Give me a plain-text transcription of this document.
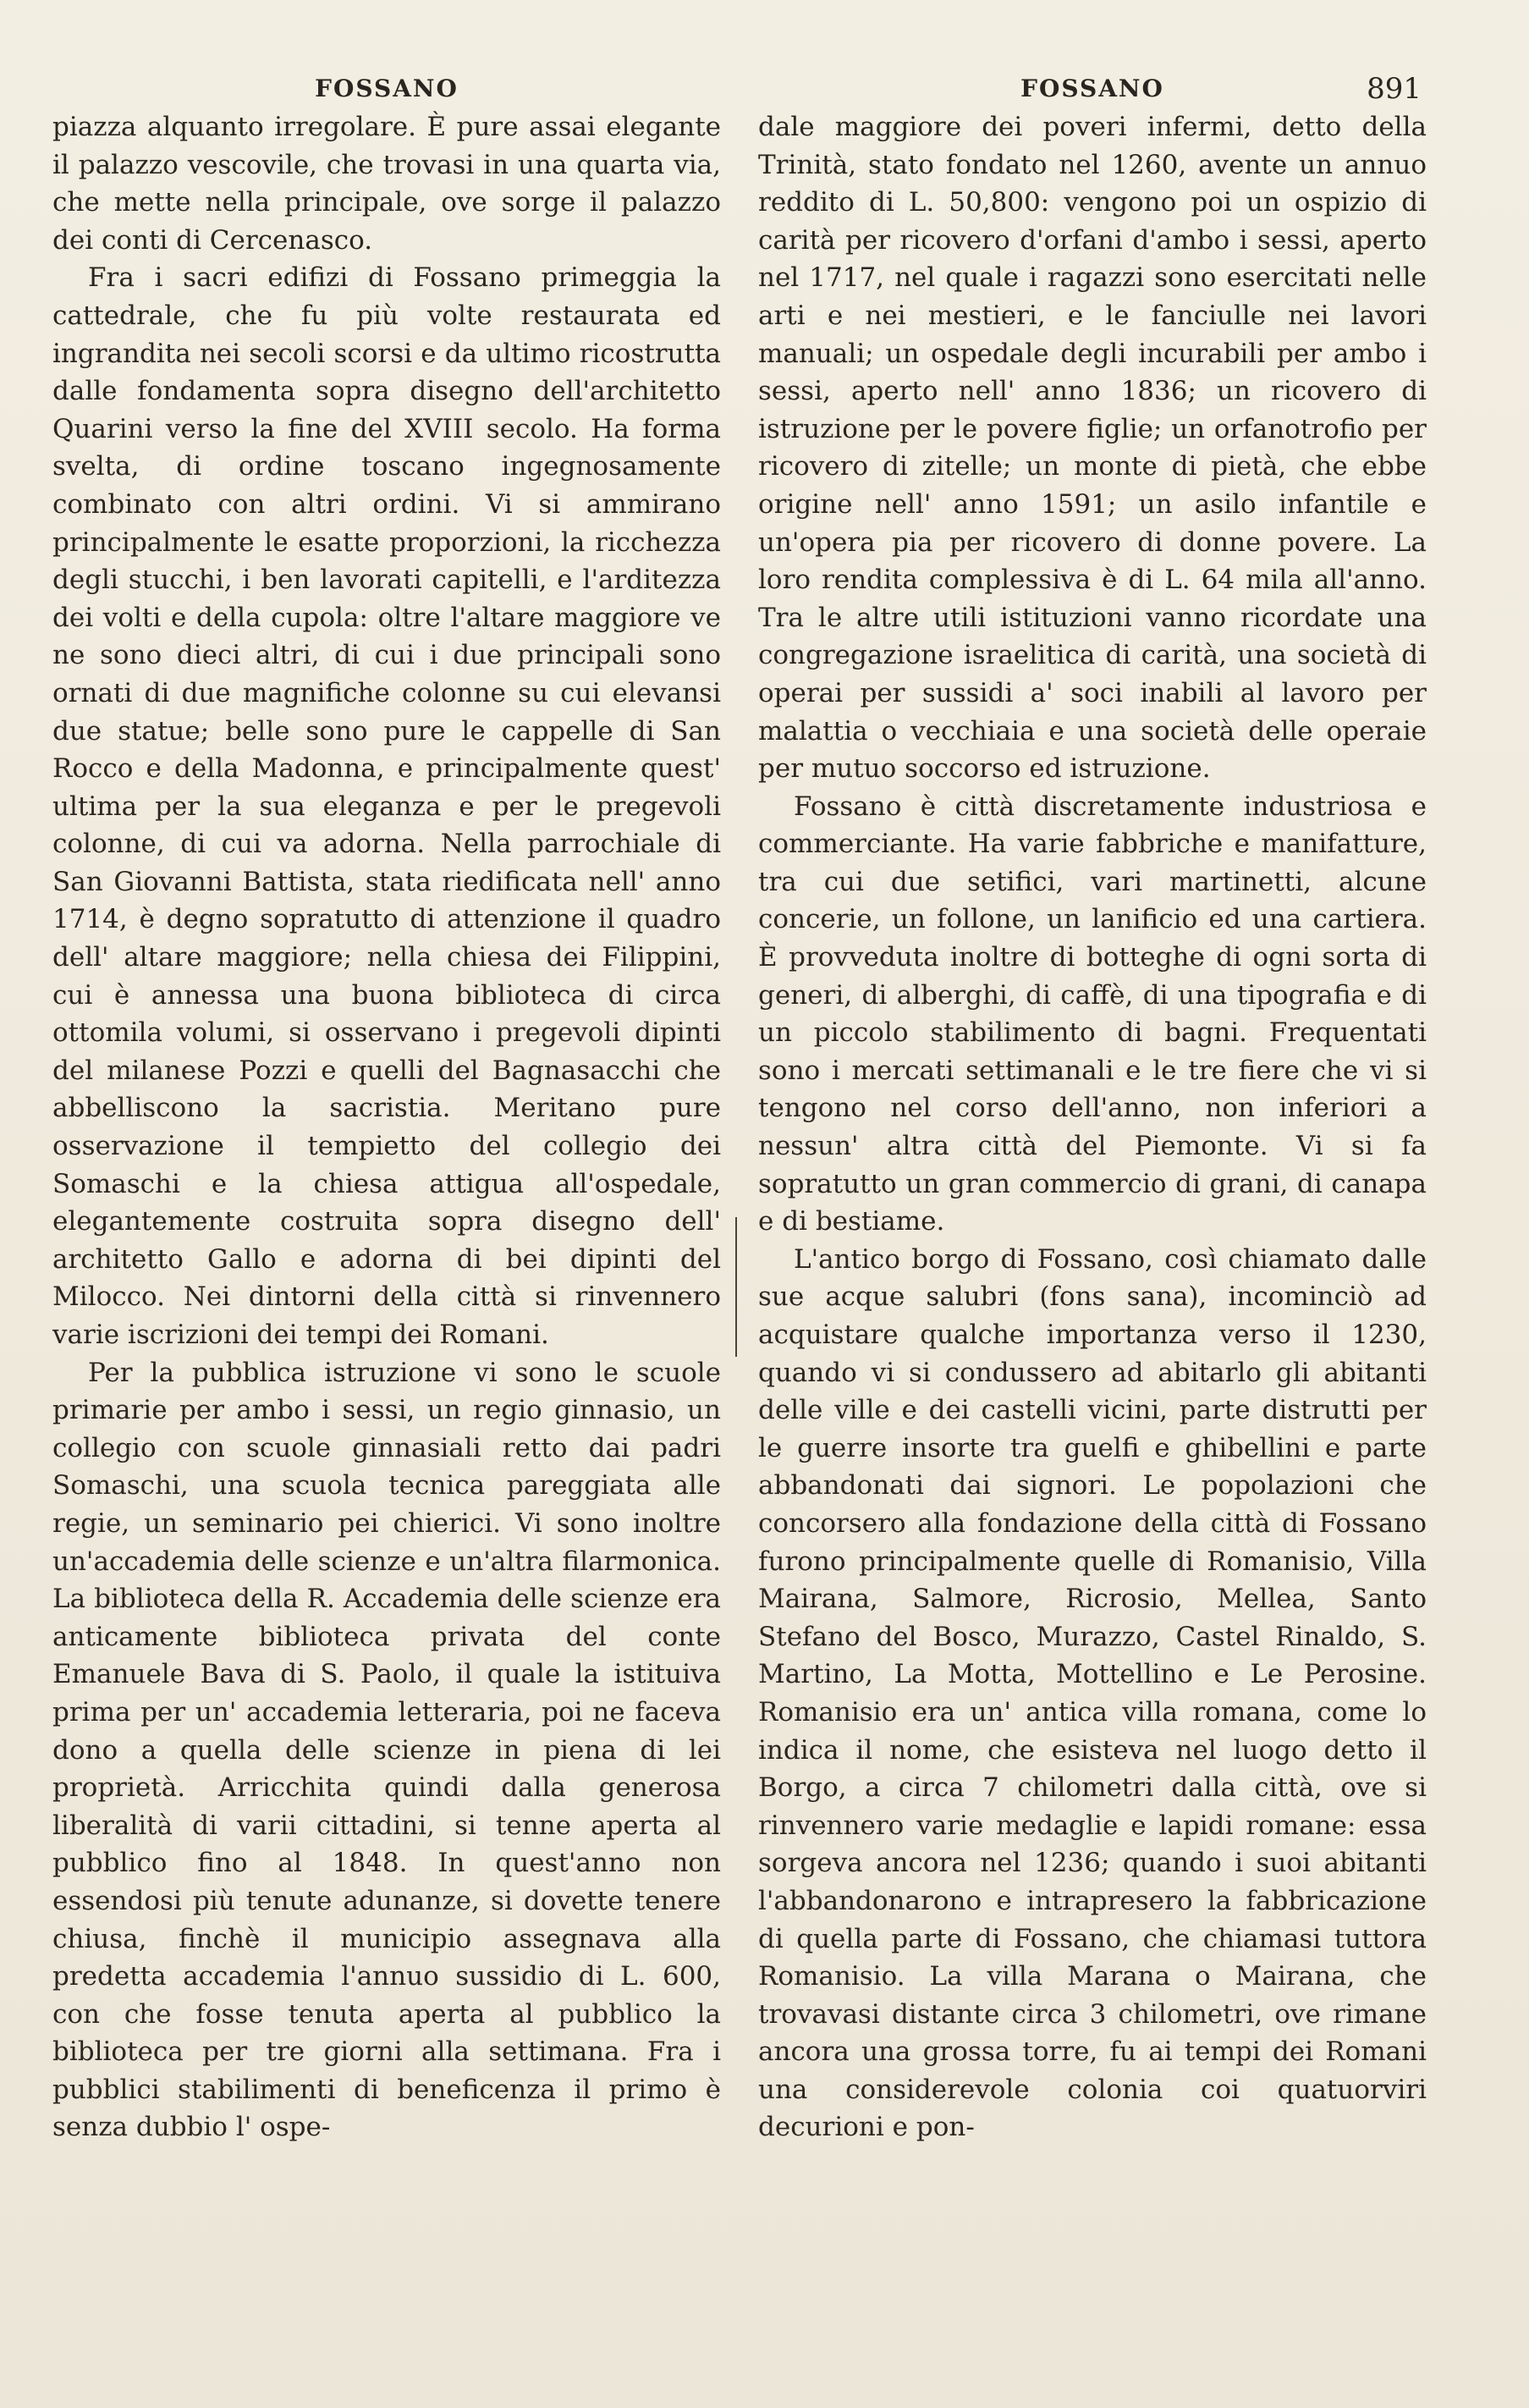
FOSSANO

piazza alquanto irregolare. È pure assai elegante il palazzo vescovile, che trovasi in una quarta via, che mette nella principale, ove sorge il palazzo dei conti di Cercenasco.

Fra i sacri edifizi di Fossano primeggia la cattedrale, che fu più volte restaurata ed ingrandita nei secoli scorsi e da ultimo ricostrutta dalle fondamenta sopra disegno dell'architetto Quarini verso la fine del XVIII secolo. Ha forma svelta, di ordine toscano ingegnosamente combinato con altri ordini. Vi si ammirano principalmente le esatte proporzioni, la ricchezza degli stucchi, i ben lavorati capitelli, e l'arditezza dei volti e della cupola: oltre l'altare maggiore ve ne sono dieci altri, di cui i due principali sono ornati di due magnifiche colonne su cui elevansi due statue; belle sono pure le cappelle di San Rocco e della Madonna, e principalmente quest' ultima per la sua eleganza e per le pregevoli colonne, di cui va adorna. Nella parrochiale di San Giovanni Battista, stata riedificata nell' anno 1714, è degno sopratutto di attenzione il quadro dell' altare maggiore; nella chiesa dei Filippini, cui è annessa una buona biblioteca di circa ottomila volumi, si osservano i pregevoli dipinti del milanese Pozzi e quelli del Bagnasacchi che abbelliscono la sacristia. Meritano pure osservazione il tempietto del collegio dei Somaschi e la chiesa attigua all'ospedale, elegantemente costruita sopra disegno dell' architetto Gallo e adorna di bei dipinti del Milocco. Nei dintorni della città si rinvennero varie iscrizioni dei tempi dei Romani.

Per la pubblica istruzione vi sono le scuole primarie per ambo i sessi, un regio ginnasio, un collegio con scuole ginnasiali retto dai padri Somaschi, una scuola tecnica pareggiata alle regie, un seminario pei chierici. Vi sono inoltre un'accademia delle scienze e un'altra filarmonica. La biblioteca della R. Accademia delle scienze era anticamente biblioteca privata del conte Emanuele Bava di S. Paolo, il quale la istituiva prima per un' accademia letteraria, poi ne faceva dono a quella delle scienze in piena di lei proprietà. Arricchita quindi dalla generosa liberalità di varii cittadini, si tenne aperta al pubblico fino al 1848. In quest'anno non essendosi più tenute adunanze, si dovette tenere chiusa, finchè il municipio assegnava alla predetta accademia l'annuo sussidio di L. 600, con che fosse tenuta aperta al pubblico la biblioteca per tre giorni alla settimana. Fra i pubblici stabilimenti di beneficenza il primo è senza dubbio l' ospe-

FOSSANO	891

dale maggiore dei poveri infermi, detto della Trinità, stato fondato nel 1260, avente un annuo reddito di L. 50,800: vengono poi un ospizio di carità per ricovero d'orfani d'ambo i sessi, aperto nel 1717, nel quale i ragazzi sono esercitati nelle arti e nei mestieri, e le fanciulle nei lavori manuali; un ospedale degli incurabili per ambo i sessi, aperto nell' anno 1836; un ricovero di istruzione per le povere figlie; un orfanotrofio per ricovero di zitelle; un monte di pietà, che ebbe origine nell' anno 1591; un asilo infantile e un'opera pia per ricovero di donne povere. La loro rendita complessiva è di L. 64 mila all'anno. Tra le altre utili istituzioni vanno ricordate una congregazione israelitica di carità, una società di operai per sussidi a' soci inabili al lavoro per malattia o vecchiaia e una società delle operaie per mutuo soccorso ed istruzione.

Fossano è città discretamente industriosa e commerciante. Ha varie fabbriche e manifatture, tra cui due setifici, vari martinetti, alcune concerie, un follone, un lanificio ed una cartiera. È provveduta inoltre di botteghe di ogni sorta di generi, di alberghi, di caffè, di una tipografia e di un piccolo stabilimento di bagni. Frequentati sono i mercati settimanali e le tre fiere che vi si tengono nel corso dell'anno, non inferiori a nessun' altra città del Piemonte. Vi si fa sopratutto un gran commercio di grani, di canapa e di bestiame.

L'antico borgo di Fossano, così chiamato dalle sue acque salubri (fons sana), incominciò ad acquistare qualche importanza verso il 1230, quando vi si condussero ad abitarlo gli abitanti delle ville e dei castelli vicini, parte distrutti per le guerre insorte tra guelfi e ghibellini e parte abbandonati dai signori. Le popolazioni che concorsero alla fondazione della città di Fossano furono principalmente quelle di Romanisio, Villa Mairana, Salmore, Ricrosio, Mellea, Santo Stefano del Bosco, Murazzo, Castel Rinaldo, S. Martino, La Motta, Mottellino e Le Perosine. Romanisio era un' antica villa romana, come lo indica il nome, che esisteva nel luogo detto il Borgo, a circa 7 chilometri dalla città, ove si rinvennero varie medaglie e lapidi romane: essa sorgeva ancora nel 1236; quando i suoi abitanti l'abbandonarono e intrapresero la fabbricazione di quella parte di Fossano, che chiamasi tuttora Romanisio. La villa Marana o Mairana, che trovavasi distante circa 3 chilometri, ove rimane ancora una grossa torre, fu ai tempi dei Romani una considerevole colonia coi quatuorviri decurioni e pon-
